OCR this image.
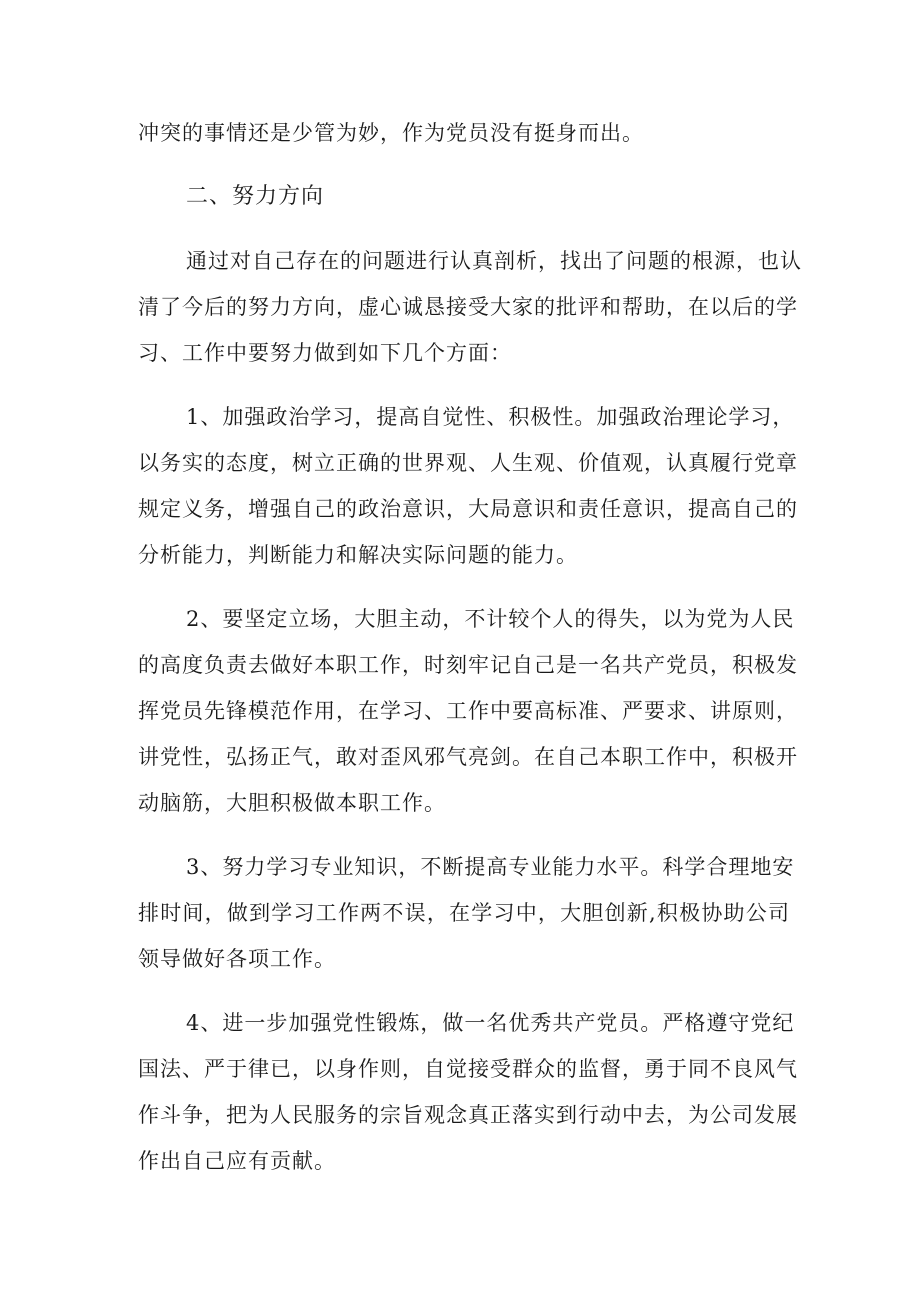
冲突的事情还是少管为妙，作为党员没有挺身而出。
二、努力方向
通过对自己存在的问题进行认真剖析，找出了问题的根源，也认
清了今后的努力方向，虚心诚恳接受大家的批评和帮助，在以后的学
习、工作中要努力做到如下几个方面：
1、加强政治学习，提高自觉性、积极性。加强政治理论学习，
以务实的态度，树立正确的世界观、人生观、价值观，认真履行党章
规定义务，增强自己的政治意识，大局意识和责任意识，提高自己的
分析能力，判断能力和解决实际问题的能力。
2、要坚定立场，大胆主动，不计较个人的得失，以为党为人民
的高度负责去做好本职工作，时刻牢记自己是一名共产党员，积极发
挥党员先锋模范作用，在学习、工作中要高标准、严要求、讲原则，
讲党性，弘扬正气，敢对歪风邪气亮剑。在自己本职工作中，积极开
动脑筋，大胆积极做本职工作。
3、努力学习专业知识，不断提高专业能力水平。科学合理地安
排时间，做到学习工作两不误，在学习中，大胆创新,积极协助公司
领导做好各项工作。
4、进一步加强党性锻炼，做一名优秀共产党员。严格遵守党纪
国法、严于律已，以身作则，自觉接受群众的监督，勇于同不良风气
作斗争，把为人民服务的宗旨观念真正落实到行动中去，为公司发展
作出自己应有贡献。
